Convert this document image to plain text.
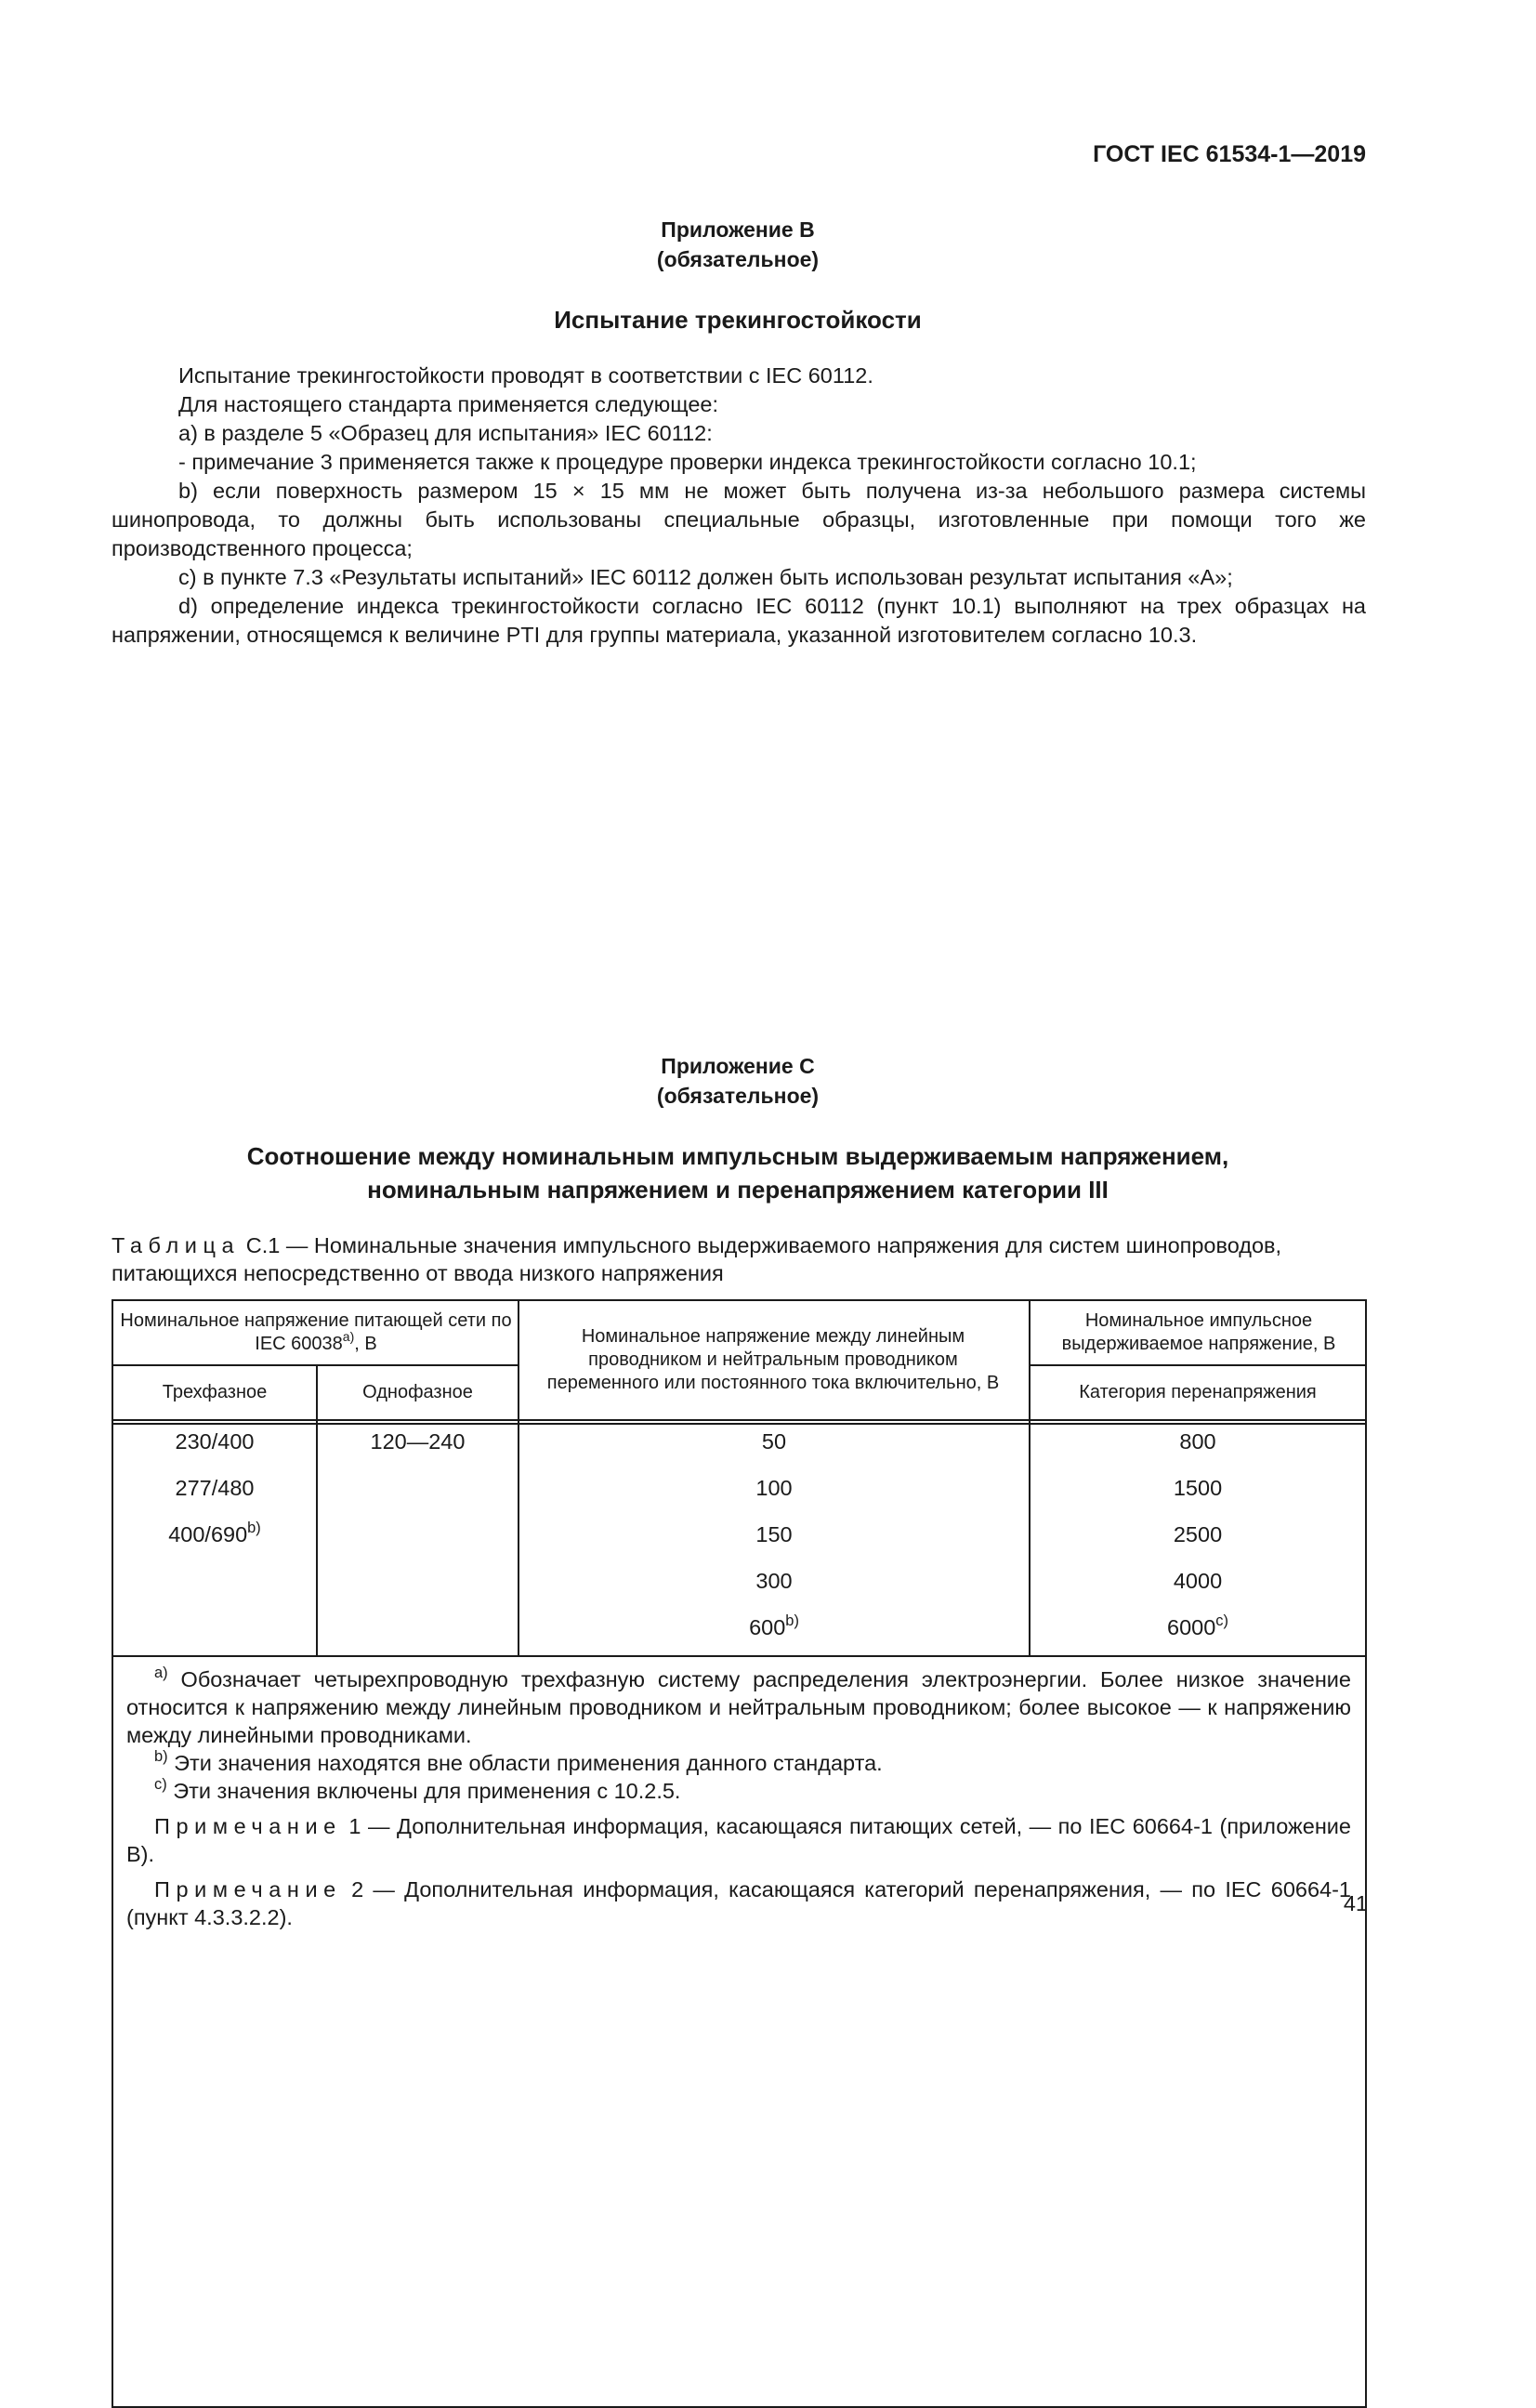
ГОСТ IEC 61534-1—2019
Приложение В
(обязательное)
Испытание трекингостойкости

Испытание трекингостойкости проводят в соответствии с IEC 60112.

Для настоящего стандарта применяется следующее:

а) в разделе 5 «Образец для испытания» IEC 60112:

- примечание 3 применяется также к процедуре проверки индекса трекингостойкости согласно 10.1;

b) если поверхность размером 15 × 15 мм не может быть получена из-за небольшого размера системы шинопровода, то должны быть использованы специальные образцы, изготовленные при помощи того же производственного процесса;

с) в пункте 7.3 «Результаты испытаний» IEC 60112 должен быть использован результат испытания «А»;

d) определение индекса трекингостойкости согласно IEC 60112 (пункт 10.1) выполняют на трех образцах на напряжении, относящемся к величине PTI для группы материала, указанной изготовителем согласно 10.3.

Приложение С
(обязательное)
Соотношение между номинальным импульсным выдерживаемым напряжением,
номинальным напряжением и перенапряжением категории III
Таблица С.1 — Номинальные значения импульсного выдерживаемого напряжения для систем шинопроводов, питающихся непосредственно от ввода низкого напряжения
Номинальное напряжение питающей сети по IEC 60038$^{a)}$, В
Трехфазное	Однофазное
Номинальное напряжение между линейным проводником и нейтральным проводником переменного или постоянного тока включительно, В
Номинальное импульсное выдерживаемое напряжение, В
Категория перенапряжения
230/400
277/480
400/690$^{b)}$
120—240	50
100
150
300
600$^{b)}$
800
1500
2500
4000
6000$^{c)}$

$^{a)}$ Обозначает четырехпроводную трехфазную систему распределения электроэнергии. Более низкое значение относится к напряжению между линейным проводником и нейтральным проводником; более высокое — к напряжению между линейными проводниками.

$^{b)}$ Эти значения находятся вне области применения данного стандарта.

$^{c)}$ Эти значения включены для применения с 10.2.5.

Примечание 1 — Дополнительная информация, касающаяся питающих сетей, — по IEC 60664-1 (приложение В).

Примечание 2 — Дополнительная информация, касающаяся категорий перенапряжения, — по IEC 60664-1 (пункт 4.3.3.2.2).

41
